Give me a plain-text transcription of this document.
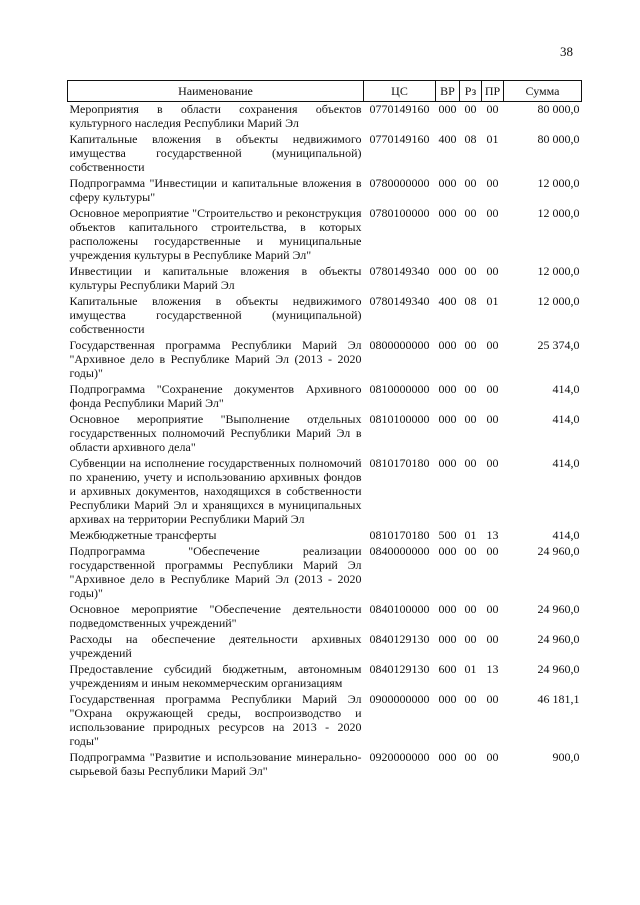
38
Наименование	ЦС	ВР	Рз	ПР	Сумма
Мероприятия в области сохранения объектов культурного наследия Республики Марий Эл	0770149160	000	00	00	80 000,0
Капитальные вложения в объекты недвижимого имущества государственной (муниципальной) собственности	0770149160	400	08	01	80 000,0
Подпрограмма "Инвестиции и капитальные вложения в сферу культуры"	0780000000	000	00	00	12 000,0
Основное мероприятие "Строительство и реконструкция объектов капитального строительства, в которых расположены государственные и муниципальные учреждения культуры в Республике Марий Эл"	0780100000	000	00	00	12 000,0
Инвестиции и капитальные вложения в объекты культуры Республики Марий Эл	0780149340	000	00	00	12 000,0
Капитальные вложения в объекты недвижимого имущества государственной (муниципальной) собственности	0780149340	400	08	01	12 000,0
Государственная программа Республики Марий Эл "Архивное дело в Республике Марий Эл (2013 - 2020 годы)"	0800000000	000	00	00	25 374,0
Подпрограмма "Сохранение документов Архивного фонда Республики Марий Эл"	0810000000	000	00	00	414,0
Основное мероприятие "Выполнение отдельных государственных полномочий Республики Марий Эл в области архивного дела"	0810100000	000	00	00	414,0
Субвенции на исполнение государственных полномочий по хранению, учету и использованию архивных фондов и архивных документов, находящихся в собственности Республики Марий Эл и хранящихся в муниципальных архивах на территории Республики Марий Эл	0810170180	000	00	00	414,0
Межбюджетные трансферты	0810170180	500	01	13	414,0
Подпрограмма "Обеспечение реализации государственной программы Республики Марий Эл "Архивное дело в Республике Марий Эл (2013 - 2020 годы)"	0840000000	000	00	00	24 960,0
Основное мероприятие "Обеспечение деятельности подведомственных учреждений"	0840100000	000	00	00	24 960,0
Расходы на обеспечение деятельности архивных учреждений	0840129130	000	00	00	24 960,0
Предоставление субсидий бюджетным, автономным учреждениям и иным некоммерческим организациям	0840129130	600	01	13	24 960,0
Государственная программа Республики Марий Эл "Охрана окружающей среды, воспроизводство и использование природных ресурсов на 2013 - 2020 годы"	0900000000	000	00	00	46 181,1
Подпрограмма "Развитие и использование минерально-сырьевой базы Республики Марий Эл"	0920000000	000	00	00	900,0
